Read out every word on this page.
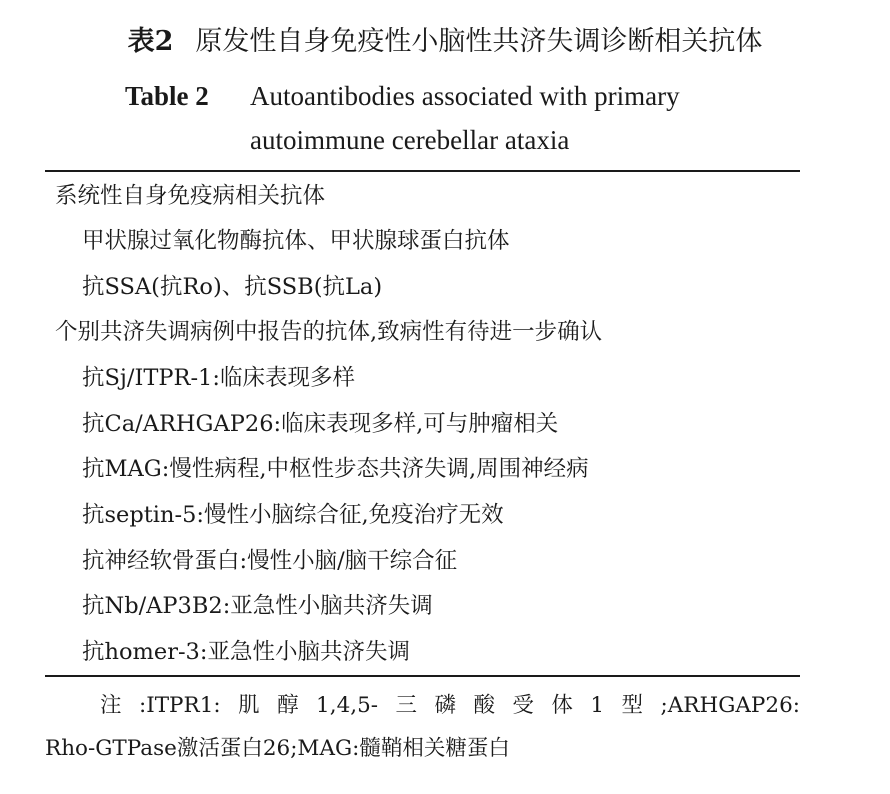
表2 原发性自身免疫性小脑性共济失调诊断相关抗体
Table 2	Autoantibodies associated with primary autoimmune cerebellar ataxia
系统性自身免疫病相关抗体
甲状腺过氧化物酶抗体、甲状腺球蛋白抗体
抗SSA(抗Ro)、抗SSB(抗La)
个别共济失调病例中报告的抗体,致病性有待进一步确认
抗Sj/ITPR-1:临床表现多样
抗Ca/ARHGAP26:临床表现多样,可与肿瘤相关
抗MAG:慢性病程,中枢性步态共济失调,周围神经病
抗septin-5:慢性小脑综合征,免疫治疗无效
抗神经软骨蛋白:慢性小脑/脑干综合征
抗Nb/AP3B2:亚急性小脑共济失调
抗homer-3:亚急性小脑共济失调
注:ITPR1:肌醇1,4,5-三磷酸受体1型;ARHGAP26:
Rho-GTPase激活蛋白26;MAG:髓鞘相关糖蛋白
